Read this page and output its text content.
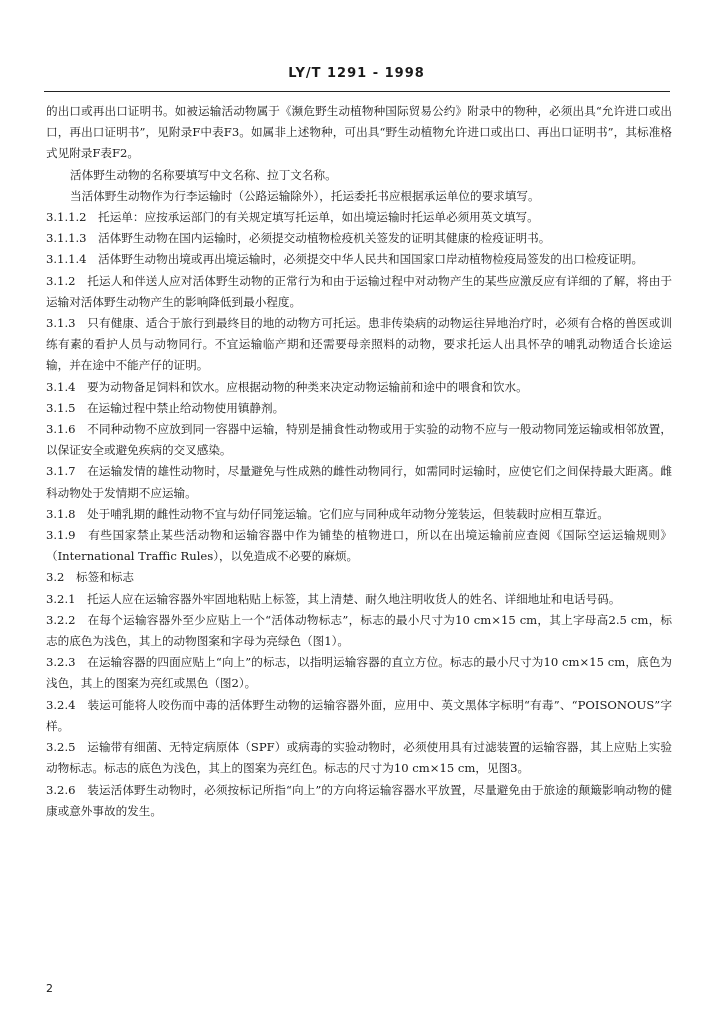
LY/T 1291 - 1998

的出口或再出口证明书。如被运输活动物属于《濒危野生动植物种国际贸易公约》附录中的物种，必须出具“允许进口或出口，再出口证明书”，见附录F中表F3。如属非上述物种，可出具“野生动植物允许进口或出口、再出口证明书”，其标准格式见附录F表F2。

活体野生动物的名称要填写中文名称、拉丁文名称。

当活体野生动物作为行李运输时（公路运输除外），托运委托书应根据承运单位的要求填写。

3.1.1.2　托运单：应按承运部门的有关规定填写托运单，如出境运输时托运单必须用英文填写。

3.1.1.3　活体野生动物在国内运输时，必须提交动植物检疫机关签发的证明其健康的检疫证明书。

3.1.1.4　活体野生动物出境或再出境运输时，必须提交中华人民共和国国家口岸动植物检疫局签发的出口检疫证明。

3.1.2　托运人和伴送人应对活体野生动物的正常行为和由于运输过程中对动物产生的某些应激反应有详细的了解，将由于运输对活体野生动物产生的影响降低到最小程度。

3.1.3　只有健康、适合于旅行到最终目的地的动物方可托运。患非传染病的动物运往异地治疗时，必须有合格的兽医或训练有素的看护人员与动物同行。不宜运输临产期和还需要母亲照料的动物，要求托运人出具怀孕的哺乳动物适合长途运输，并在途中不能产仔的证明。

3.1.4　要为动物备足饲料和饮水。应根据动物的种类来决定动物运输前和途中的喂食和饮水。

3.1.5　在运输过程中禁止给动物使用镇静剂。

3.1.6　不同种动物不应放到同一容器中运输，特别是捕食性动物或用于实验的动物不应与一般动物同笼运输或相邻放置，以保证安全或避免疾病的交叉感染。

3.1.7　在运输发情的雄性动物时，尽量避免与性成熟的雌性动物同行，如需同时运输时，应使它们之间保持最大距离。雌科动物处于发情期不应运输。

3.1.8　处于哺乳期的雌性动物不宜与幼仔同笼运输。它们应与同种成年动物分笼装运，但装载时应相互靠近。

3.1.9　有些国家禁止某些活动物和运输容器中作为铺垫的植物进口，所以在出境运输前应查阅《国际空运运输规则》（International Traffic Rules），以免造成不必要的麻烦。

3.2　标签和标志

3.2.1　托运人应在运输容器外牢固地粘贴上标签，其上清楚、耐久地注明收货人的姓名、详细地址和电话号码。

3.2.2　在每个运输容器外至少应贴上一个“活体动物标志”，标志的最小尺寸为10 cm×15 cm，其上字母高2.5 cm，标志的底色为浅色，其上的动物图案和字母为亮绿色（图1）。

3.2.3　在运输容器的四面应贴上“向上”的标志，以指明运输容器的直立方位。标志的最小尺寸为10 cm×15 cm，底色为浅色，其上的图案为亮红或黑色（图2）。

3.2.4　装运可能将人咬伤而中毒的活体野生动物的运输容器外面，应用中、英文黑体字标明“有毒”、“POISONOUS”字样。

3.2.5　运输带有细菌、无特定病原体（SPF）或病毒的实验动物时，必须使用具有过滤装置的运输容器，其上应贴上实验动物标志。标志的底色为浅色，其上的图案为亮红色。标志的尺寸为10 cm×15 cm，见图3。

3.2.6　装运活体野生动物时，必须按标记所指“向上”的方向将运输容器水平放置，尽量避免由于旅途的颠簸影响动物的健康或意外事故的发生。

2
